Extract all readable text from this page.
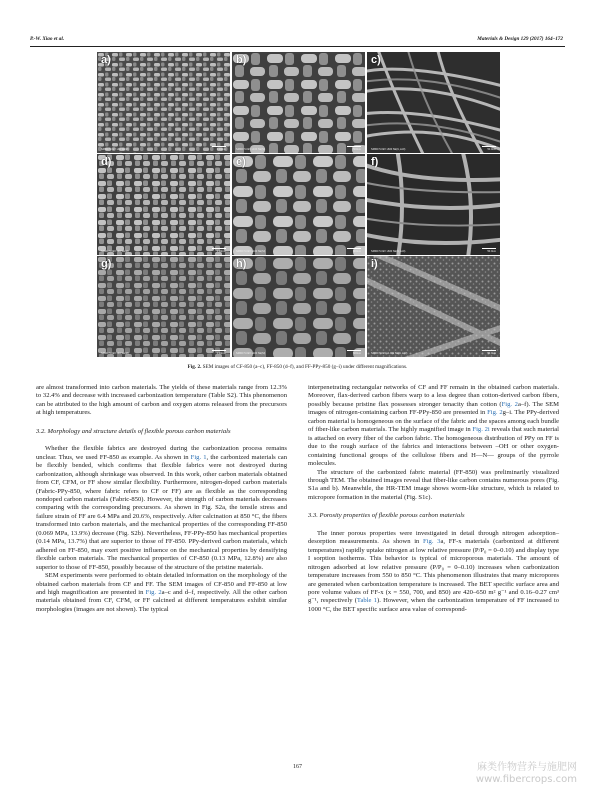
P.-W. Xiao et al.	Materials & Design 129 (2017) 164–172
a)
S4800 5.0kV x40 SE(M)	1.00mm
b)
S4800 5.0kV x100 SE(M)	500um
c)
S4800 5.0kV x600 SE(U,LA0)	50.0um
d)
S4800 5.0kV x40 SE(M)	1.00mm
e)
S4800 5.0kV x100 SE(M)	500um
f)
S4800 5.0kV x600 SE(U,LA0)	50.0um
g)
S4800 5.0kV x40 SE(M)	1.00mm
h)
S4800 5.0kV x100 SE(M)	500um
i)
S4800 5.0kV x1.00k SE(U,LA0)	50.0um
Fig. 2. SEM images of CF-850 (a–c), FF-850 (d–f), and FF-PPy-850 (g–i) under different magnifications.

are almost transformed into carbon materials. The yields of these materials range from 12.3% to 32.4% and decrease with increased carbonization temperature (Table S2). This phenomenon can be attributed to the high amount of carbon and oxygen atoms released from the precursors at high temperatures.

3.2. Morphology and structure details of flexible porous carbon materials

Whether the flexible fabrics are destroyed during the carbonization process remains unclear. Thus, we used FF-850 as example. As shown in Fig. 1, the carbonized materials can be flexibly bended, which confirms that flexible fabrics were not destroyed during carbonization, although shrinkage was observed. In this work, other carbon materials obtained from CF, CFM, or FF show similar flexibility. Furthermore, nitrogen-doped carbon materials (Fabric-PPy-850, where fabric refers to CF or FF) are as flexible as the corresponding nondoped carbon materials (Fabric-850). However, the strength of carbon materials decreases comparing with the corresponding precursors. As shown in Fig. S2a, the tensile stress and failure strain of FF are 6.4 MPa and 20.6%, respectively. After calcination at 850 °C, the fibers transformed into carbon materials, and the mechanical properties of the corresponding FF-850 (0.069 MPa, 13.9%) decrease (Fig. S2b). Nevertheless, FF-PPy-850 has mechanical properties (0.14 MPa, 13.7%) that are superior to those of FF-850. PPy-derived carbon materials, which adhered on FF-850, may exert positive influence on the mechanical properties by densifying flexible carbon materials. The mechanical properties of CF-850 (0.13 MPa, 12.8%) are also superior to those of FF-850, possibly because of the structure of the pristine materials.

SEM experiments were performed to obtain detailed information on the morphology of the obtained carbon materials from CF and FF. The SEM images of CF-850 and FF-850 at low and high magnification are presented in Fig. 2a–c and d–f, respectively. All the other carbon materials obtained from CF, CFM, or FF calcined at different temperatures exhibit similar morphologies (images are not shown). The typical

interpenetrating rectangular networks of CF and FF remain in the obtained carbon materials. Moreover, flax-derived carbon fibers warp to a less degree than cotton-derived carbon fibers, possibly because pristine flax possesses stronger tenacity than cotton (Fig. 2a–f). The SEM images of nitrogen-containing carbon FF-PPy-850 are presented in Fig. 2g–i. The PPy-derived carbon material is homogeneous on the surface of the fabric and the spaces among each bundle of fiber-like carbon materials. The highly magnified image in Fig. 2i reveals that such material is attached on every fiber of the carbon fabric. The homogeneous distribution of PPy on FF is due to the rough surface of the fabrics and interactions between –OH or other oxygen-containing functional groups of the cellulose fibers and H—N— groups of the pyrrole molecules.

The structure of the carbonized fabric material (FF-850) was preliminarily visualized through TEM. The obtained images reveal that fiber-like carbon contains numerous pores (Fig. S1a and b). Meanwhile, the HR-TEM image shows worm-like structure, which is related to micropore formation in the material (Fig. S1c).

3.3. Porosity properties of flexible porous carbon materials

The inner porous properties were investigated in detail through nitrogen adsorption–desorption measurements. As shown in Fig. 3a, FF-x materials (carbonized at different temperatures) rapidly uptake nitrogen at low relative pressure (P/P₀ = 0–0.10) and display type I sorption isotherms. This behavior is typical of microporous materials. The amount of nitrogen adsorbed at low relative pressure (P/P₀ = 0–0.10) increases when carbonization temperature increases from 550 to 850 °C. This phenomenon illustrates that many micropores are generated when carbonization temperature is increased. The BET specific surface area and pore volume values of FF-x (x = 550, 700, and 850) are 420–650 m² g⁻¹ and 0.16–0.27 cm³ g⁻¹, respectively (Table 1). However, when the carbonization temperature of FF increased to 1000 °C, the BET specific surface area value of correspond-

167	麻类作物营养与施肥网
www.fibercrops.com
